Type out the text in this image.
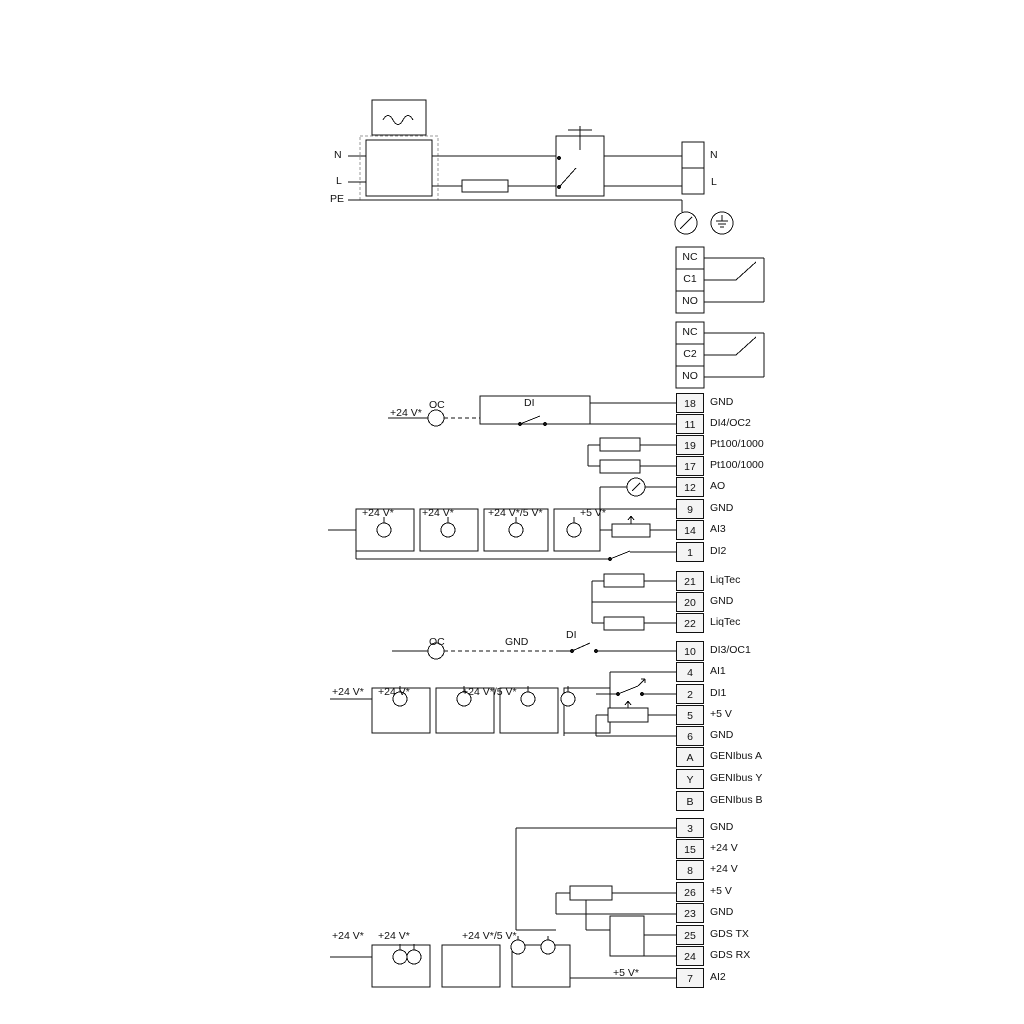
N
L
PE
N
L
NC
C1
NO
NC
C2
NO
18	GND
11	DI4/OC2
19	Pt100/1000
17	Pt100/1000
12	AO
9	GND
14	AI3
1	DI2
21	LiqTec
20	GND
22	LiqTec
10	DI3/OC1
4	AI1
2	DI1
5	+5 V
6	GND
A	GENIbus A
Y	GENIbus Y
B	GENIbus B
3	GND
15	+24 V
8	+24 V
26	+5 V
23	GND
25	GDS TX
24	GDS RX
7	AI2
OC	DI
+24 V*
+24 V*	+24 V*	+24 V*/5 V*	+5 V*
OC	GND
DI
+24 V* +24 V*	+24 V*/5 V*
+24 V* +24 V*	+24 V*/5 V*
+5 V*
